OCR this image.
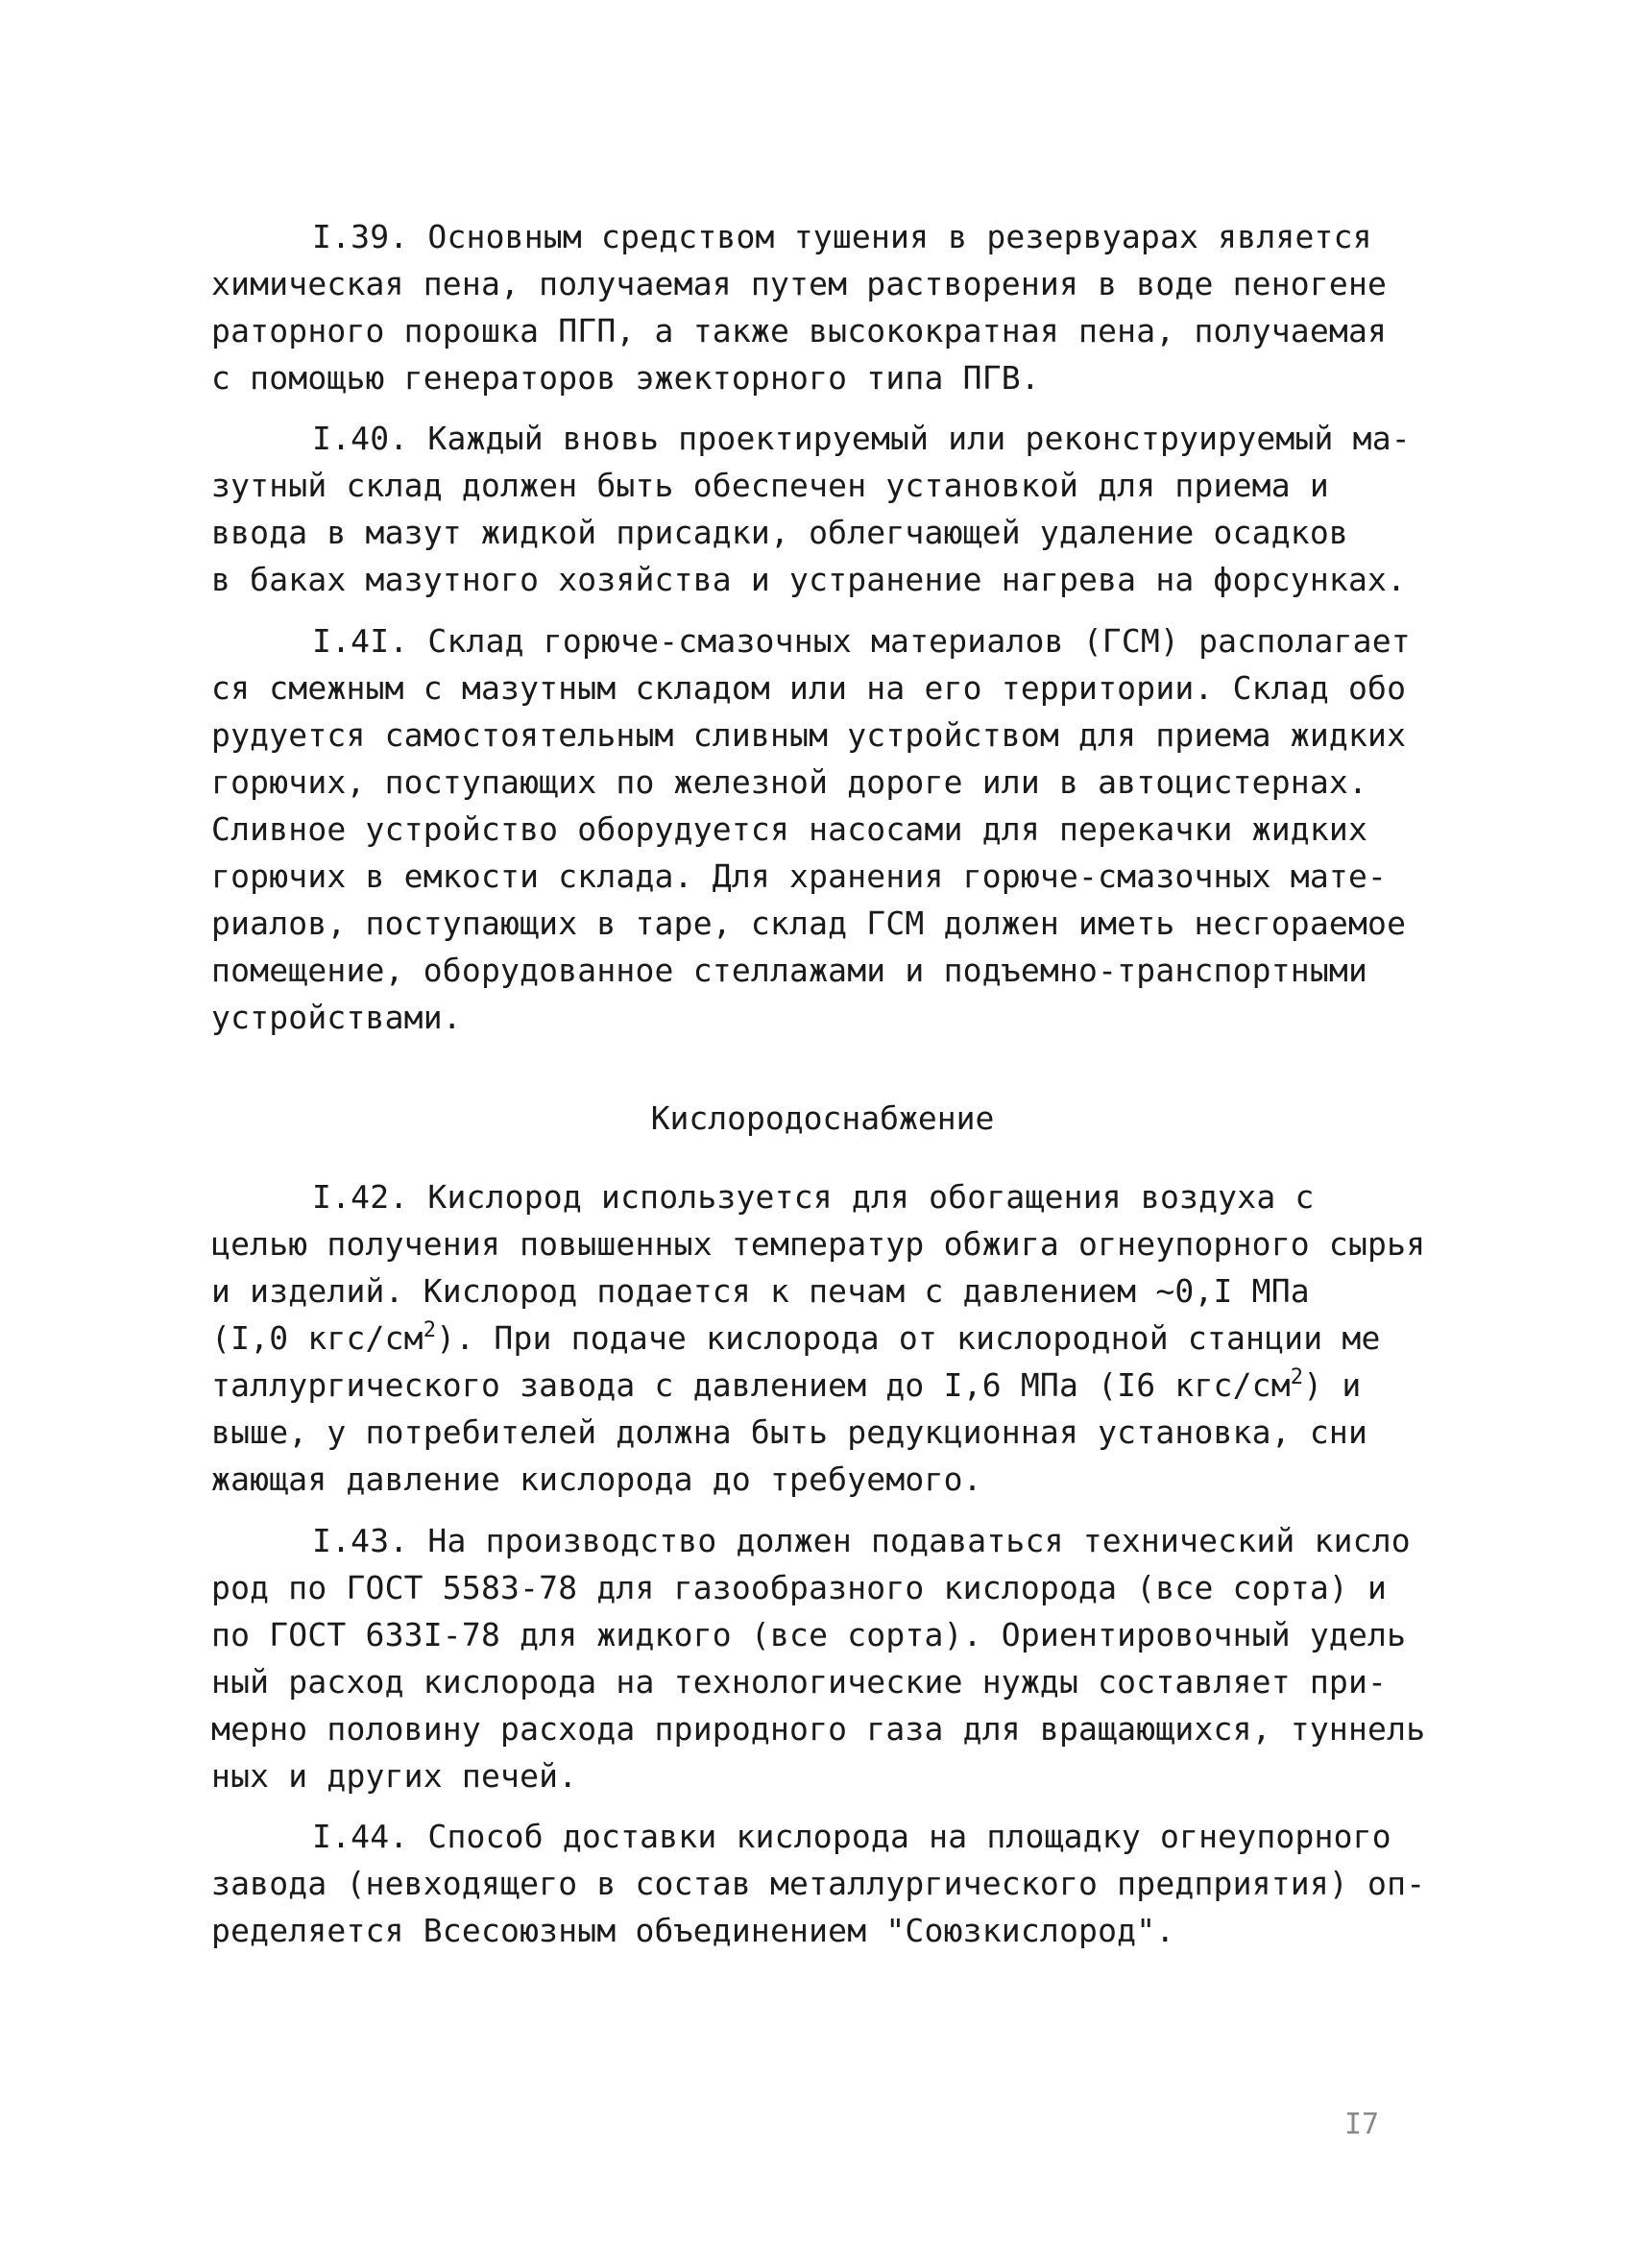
I.39. Основным средством тушения в резервуарах является
химическая пена, получаемая путем растворения в воде пеногене
раторного порошка ПГП, а также высокократная пена, получаемая
с помощью генераторов эжекторного типа ПГВ.
I.40. Каждый вновь проектируемый или реконструируемый ма-
зутный склад должен быть обеспечен установкой для приема и
ввода в мазут жидкой присадки, облегчающей удаление осадков
в баках мазутного хозяйства и устранение нагрева на форсунках.
I.4I. Склад горюче-смазочных материалов (ГСМ) располагает
ся смежным с мазутным складом или на его территории. Склад обо
рудуется самостоятельным сливным устройством для приема жидких
горючих, поступающих по железной дороге или в автоцистернах.
Сливное устройство оборудуется насосами для перекачки жидких
горючих в емкости склада. Для хранения горюче-смазочных мате-
риалов, поступающих в таре, склад ГСМ должен иметь несгораемое
помещение, оборудованное стеллажами и подъемно-транспортными
устройствами.
Кислородоснабжение
I.42. Кислород используется для обогащения воздуха с
целью получения повышенных температур обжига огнеупорного сырья
и изделий. Кислород подается к печам с давлением ~0,I МПа
(I,0 кгс/$см^2$). При подаче кислорода от кислородной станции ме
таллургического завода с давлением до I,6 МПа (I6 кгс/$см^2$) и
выше, у потребителей должна быть редукционная установка, сни
жающая давление кислорода до требуемого.
I.43. На производство должен подаваться технический кисло
род по ГОСТ 5583-78 для газообразного кислорода (все сорта) и
по ГОСТ 633I-78 для жидкого (все сорта). Ориентировочный удель
ный расход кислорода на технологические нужды составляет при-
мерно половину расхода природного газа для вращающихся, туннель
ных и других печей.
I.44. Способ доставки кислорода на площадку огнеупорного
завода (невходящего в состав металлургического предприятия) оп-
ределяется Всесоюзным объединением "Союзкислород".
I7
